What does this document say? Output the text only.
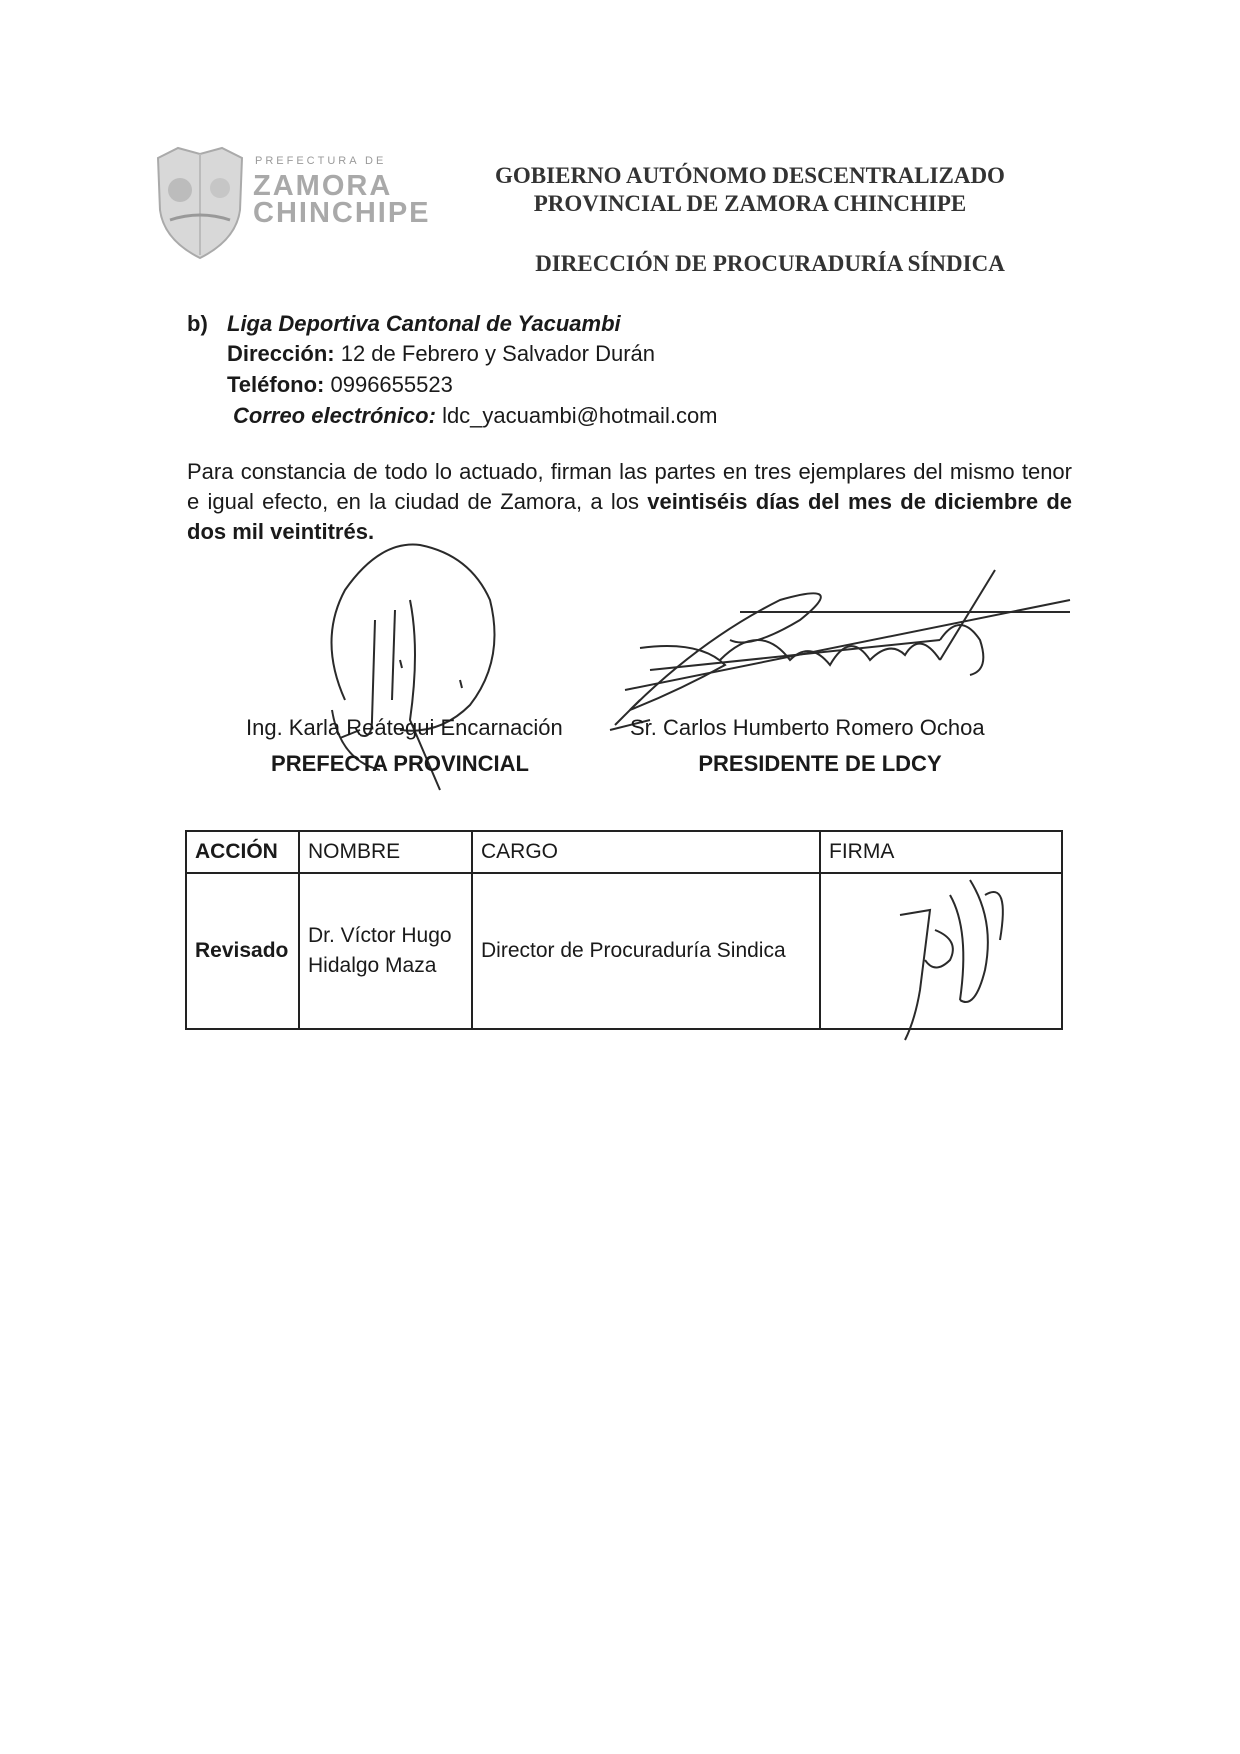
PREFECTURA DE
ZAMORA
CHINCHIPE
GOBIERNO AUTÓNOMO DESCENTRALIZADO
PROVINCIAL DE ZAMORA CHINCHIPE
DIRECCIÓN DE PROCURADURÍA SÍNDICA
b) Liga Deportiva Cantonal de Yacuambi
Dirección: 12 de Febrero y Salvador Durán
Teléfono: 0996655523
Correo electrónico: ldc_yacuambi@hotmail.com
Para constancia de todo lo actuado, firman las partes en tres ejemplares del mismo tenor e igual efecto, en la ciudad de Zamora, a los veintiséis días del mes de diciembre de dos mil veintitrés.
Ing. Karla Reátegui Encarnación
PREFECTA PROVINCIAL
Sr. Carlos Humberto Romero Ochoa
PRESIDENTE DE LDCY
ACCIÓN	NOMBRE	CARGO	FIRMA
Revisado	Dr. Víctor Hugo Hidalgo Maza	Director de Procuraduría Sindica	
